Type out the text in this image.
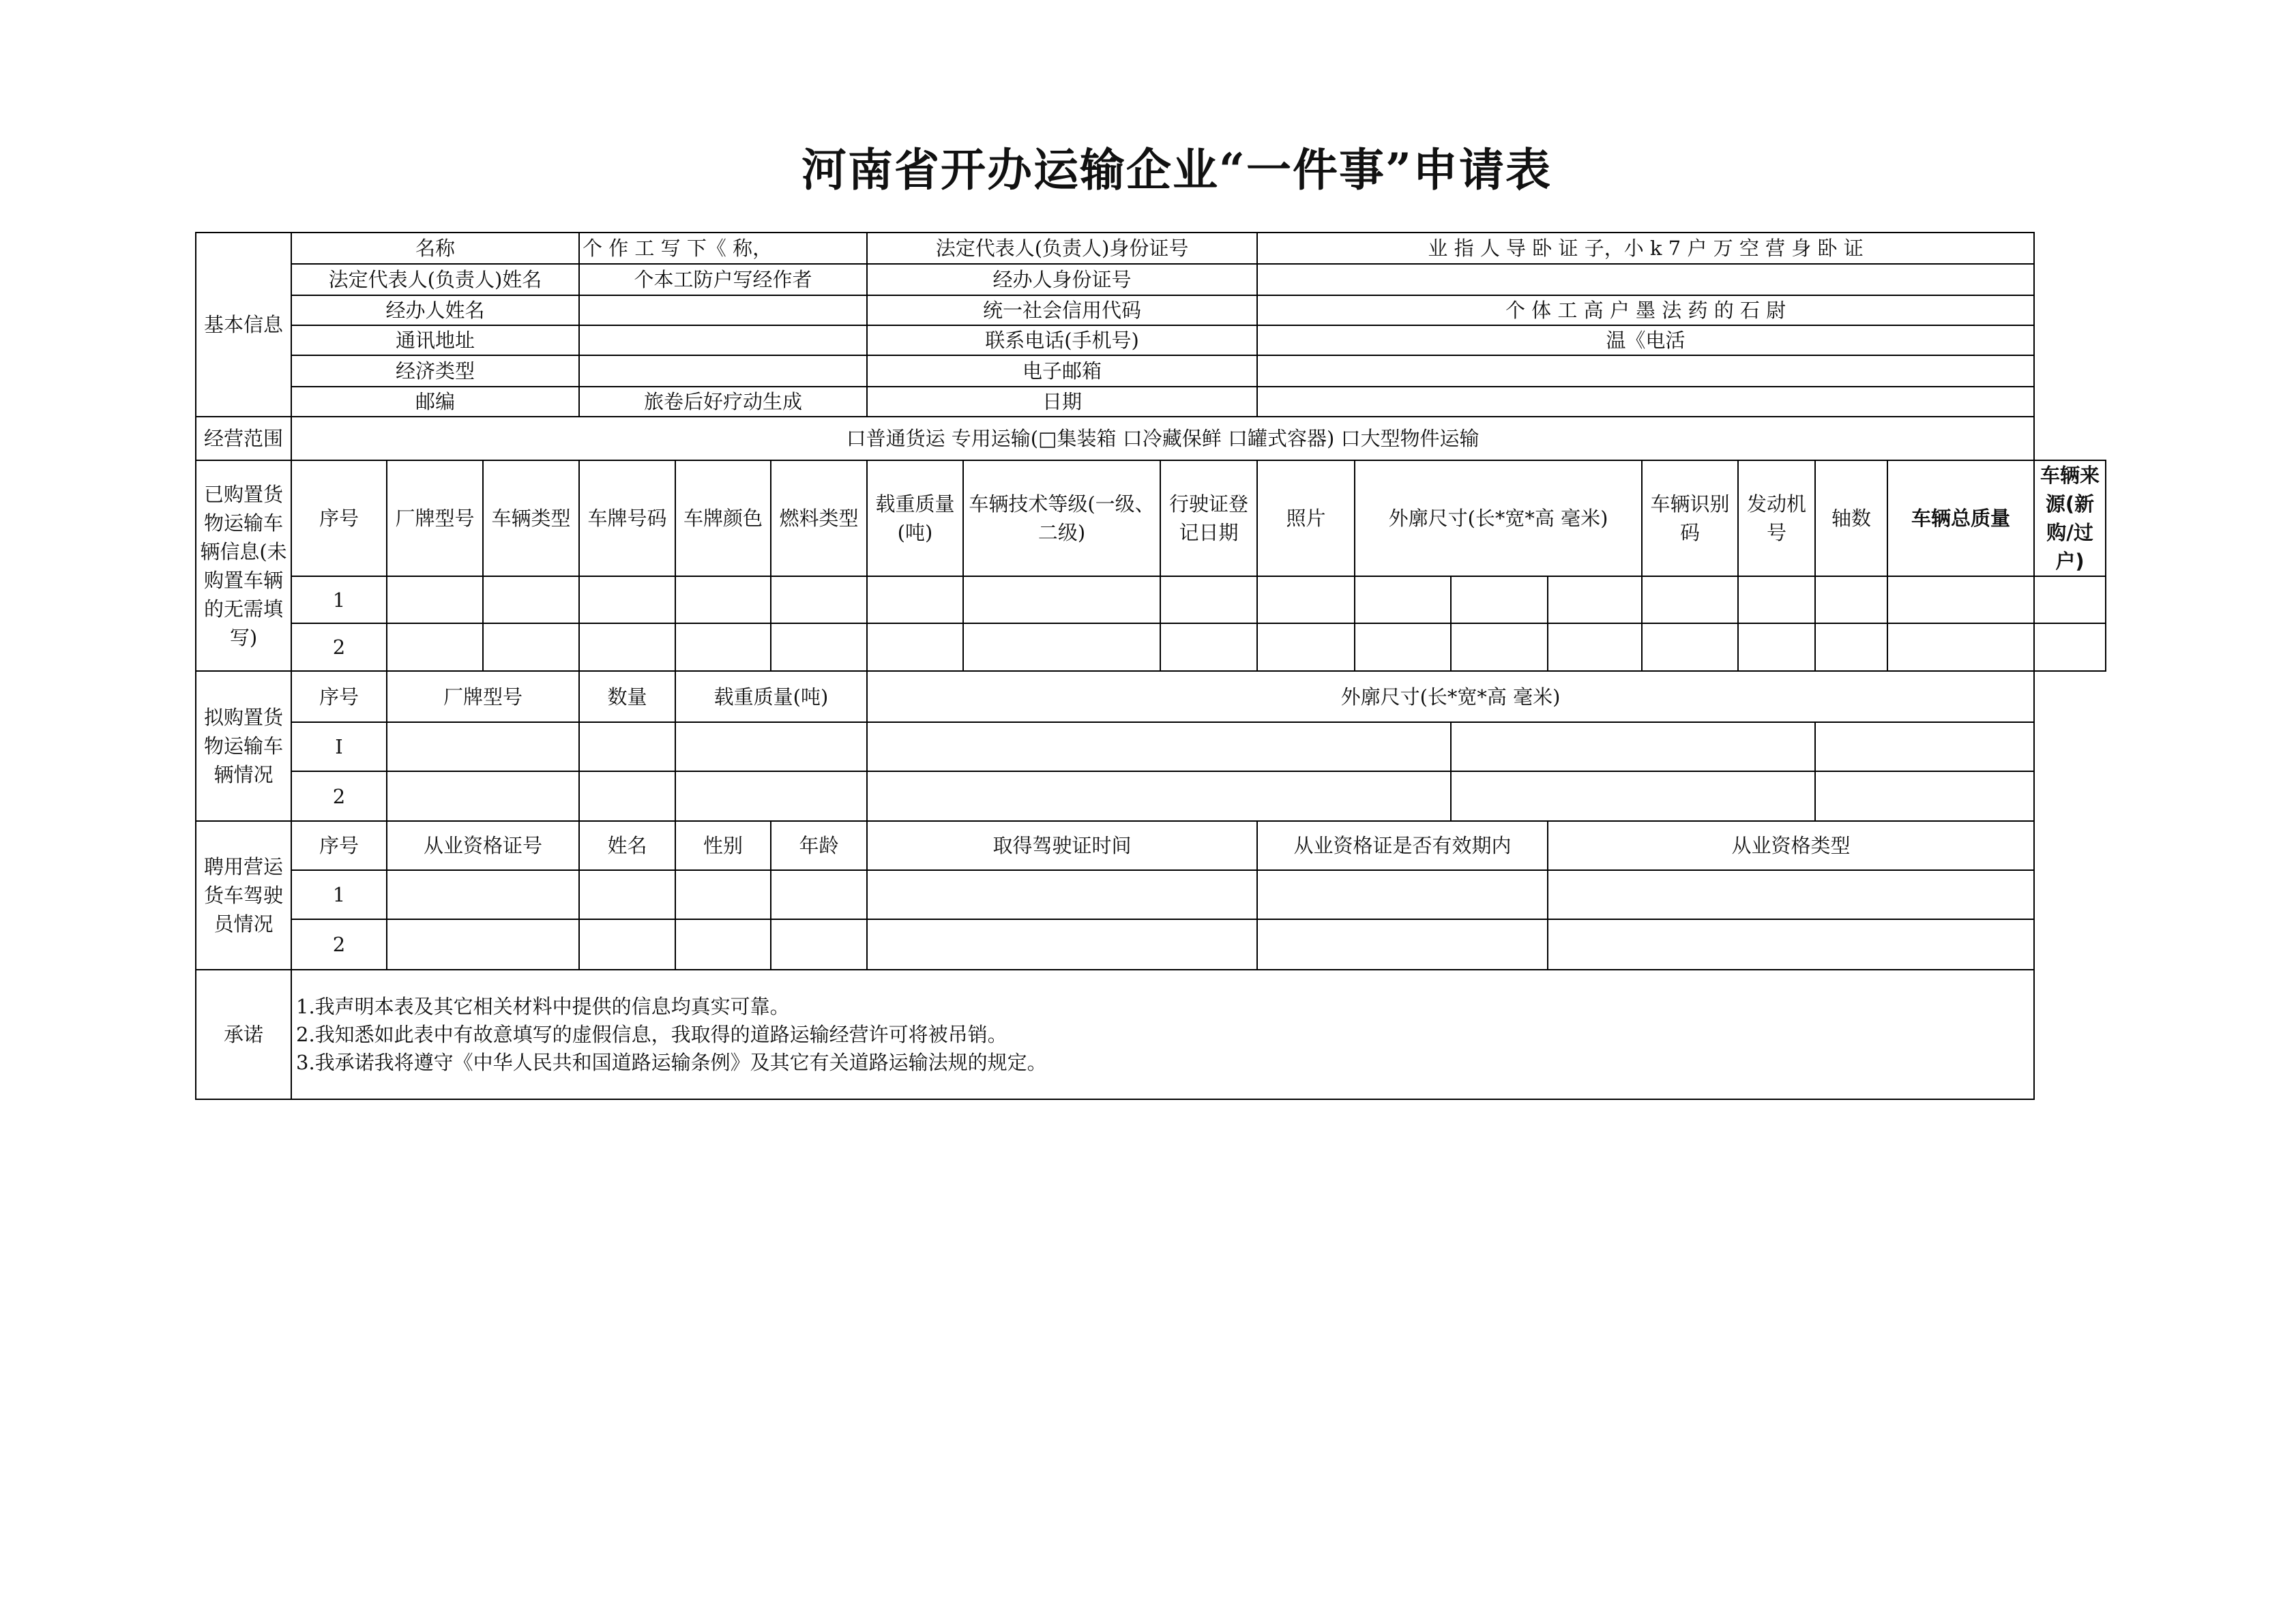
河南省开办运输企业“一件事”申请表
基本信息	名称			个 作 工 写 下《 称，			法定代表人(负责人)身份证号			业 指 人 导 卧 证 子，小 k 7 户 万 空 营 身 卧 证								
	法定代表人(负责人)姓名			个本工防户写经作者			经办人身份证号											
	经办人姓名						统一社会信用代码			个 体 工 高 户 墨 法 药 的 石 尉								
	通讯地址						联系电话(手机号)			温《电活								
	经济类型						电子邮箱											
	邮编			旅卷后好疗动生成			日期											
经营范围	口普通货运 专用运输(□集装箱 口冷藏保鲜 口罐式容器) 口大型物件运输																	
已购置货物运输车辆信息(未购置车辆的无需填写)	序号	厂牌型号	车辆类型	车牌号码	车牌颜色	燃料类型	载重质量(吨)	车辆技术等级(一级、二级)	行驶证登记日期	照片	外廓尺寸(长*宽*高 毫米)			车辆识别码	发动机号	轴数	车辆总质量	车辆来源(新购/过户)
	1																	
	2																	
拟购置货物运输车辆情况	序号	厂牌型号		数量	载重质量(吨)		外廓尺寸(长*宽*高 毫米)											
	I																	
	2																	
聘用营运货车驾驶员情况	序号	从业资格证号		姓名	性别	年龄	取得驾驶证时间			从业资格证是否有效期内			从业资格类型					
	1																	
	2																	
承诺	1.我声明本表及其它相关材料中提供的信息均真实可靠。
2.我知悉如此表中有故意填写的虚假信息，我取得的道路运输经营许可将被吊销。
3.我承诺我将遵守《中华人民共和国道路运输条例》及其它有关道路运输法规的规定。																	
